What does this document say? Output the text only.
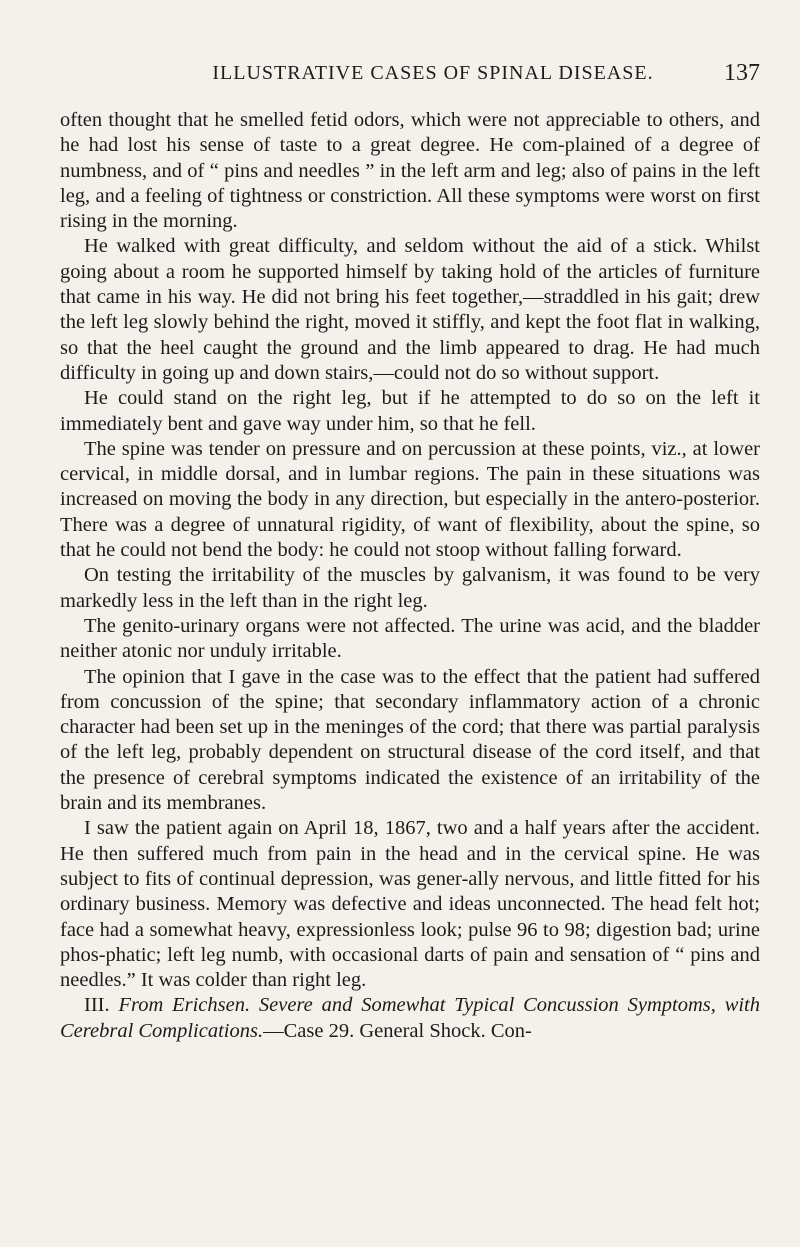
ILLUSTRATIVE CASES OF SPINAL DISEASE.	137

often thought that he smelled fetid odors, which were not appreciable to others, and he had lost his sense of taste to a great degree. He com-plained of a degree of numbness, and of “ pins and needles ” in the left arm and leg; also of pains in the left leg, and a feeling of tightness or constriction. All these symptoms were worst on first rising in the morning.

He walked with great difficulty, and seldom without the aid of a stick. Whilst going about a room he supported himself by taking hold of the articles of furniture that came in his way. He did not bring his feet together,—straddled in his gait; drew the left leg slowly behind the right, moved it stiffly, and kept the foot flat in walking, so that the heel caught the ground and the limb appeared to drag. He had much difficulty in going up and down stairs,—could not do so without support.

He could stand on the right leg, but if he attempted to do so on the left it immediately bent and gave way under him, so that he fell.

The spine was tender on pressure and on percussion at these points, viz., at lower cervical, in middle dorsal, and in lumbar regions. The pain in these situations was increased on moving the body in any direction, but especially in the antero-posterior. There was a degree of unnatural rigidity, of want of flexibility, about the spine, so that he could not bend the body: he could not stoop without falling forward.

On testing the irritability of the muscles by galvanism, it was found to be very markedly less in the left than in the right leg.

The genito-urinary organs were not affected. The urine was acid, and the bladder neither atonic nor unduly irritable.

The opinion that I gave in the case was to the effect that the patient had suffered from concussion of the spine; that secondary inflammatory action of a chronic character had been set up in the meninges of the cord; that there was partial paralysis of the left leg, probably dependent on structural disease of the cord itself, and that the presence of cerebral symptoms indicated the existence of an irritability of the brain and its membranes.

I saw the patient again on April 18, 1867, two and a half years after the accident. He then suffered much from pain in the head and in the cervical spine. He was subject to fits of continual depression, was gener-ally nervous, and little fitted for his ordinary business. Memory was defective and ideas unconnected. The head felt hot; face had a somewhat heavy, expressionless look; pulse 96 to 98; digestion bad; urine phos-phatic; left leg numb, with occasional darts of pain and sensation of “ pins and needles.” It was colder than right leg.

III. From Erichsen. Severe and Somewhat Typical Concussion Symptoms, with Cerebral Complications.—Case 29. General Shock. Con-
